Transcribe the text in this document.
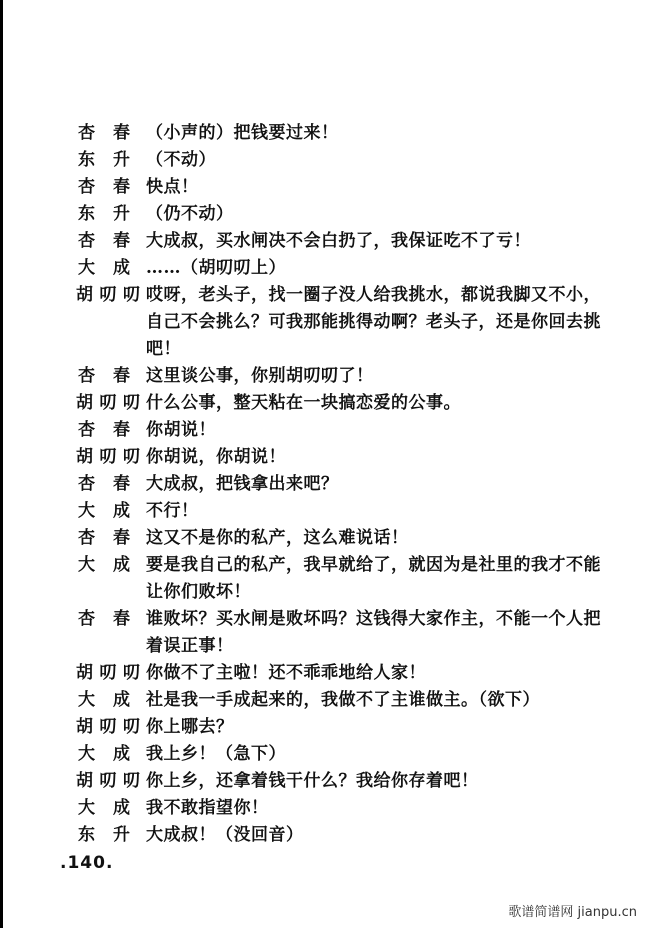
杏 春 （小声的）把钱要过来！
东 升 （不动）
杏 春 快点！
东 升 （仍不动）
杏 春 大成叔，买水闸决不会白扔了，我保证吃不了亏！
大 成 ……（胡叨叨上）
胡 叨 叨 哎呀，老头子，找一圈子没人给我挑水，都说我脚又不小，自己不会挑么？可我那能挑得动啊？老头子，还是你回去挑吧！
杏 春 这里谈公事，你别胡叨叨了！
胡 叨 叨 什么公事，整天粘在一块搞恋爱的公事。
杏 春 你胡说！
胡 叨 叨 你胡说，你胡说！
杏 春 大成叔，把钱拿出来吧？
大 成 不行！
杏 春 这又不是你的私产，这么难说话！
大 成 要是我自己的私产，我早就给了，就因为是社里的我才不能让你们败坏！
杏 春 谁败坏？买水闸是败坏吗？这钱得大家作主，不能一个人把着误正事！
胡 叨 叨 你做不了主啦！还不乖乖地给人家！
大 成 社是我一手成起来的，我做不了主谁做主。（欲下）
胡 叨 叨 你上哪去？
大 成 我上乡！（急下）
胡 叨 叨 你上乡，还拿着钱干什么？我给你存着吧！
大 成 我不敢指望你！
东 升 大成叔！（没回音）
.140.
歌谱简谱网 jianpu.cn
